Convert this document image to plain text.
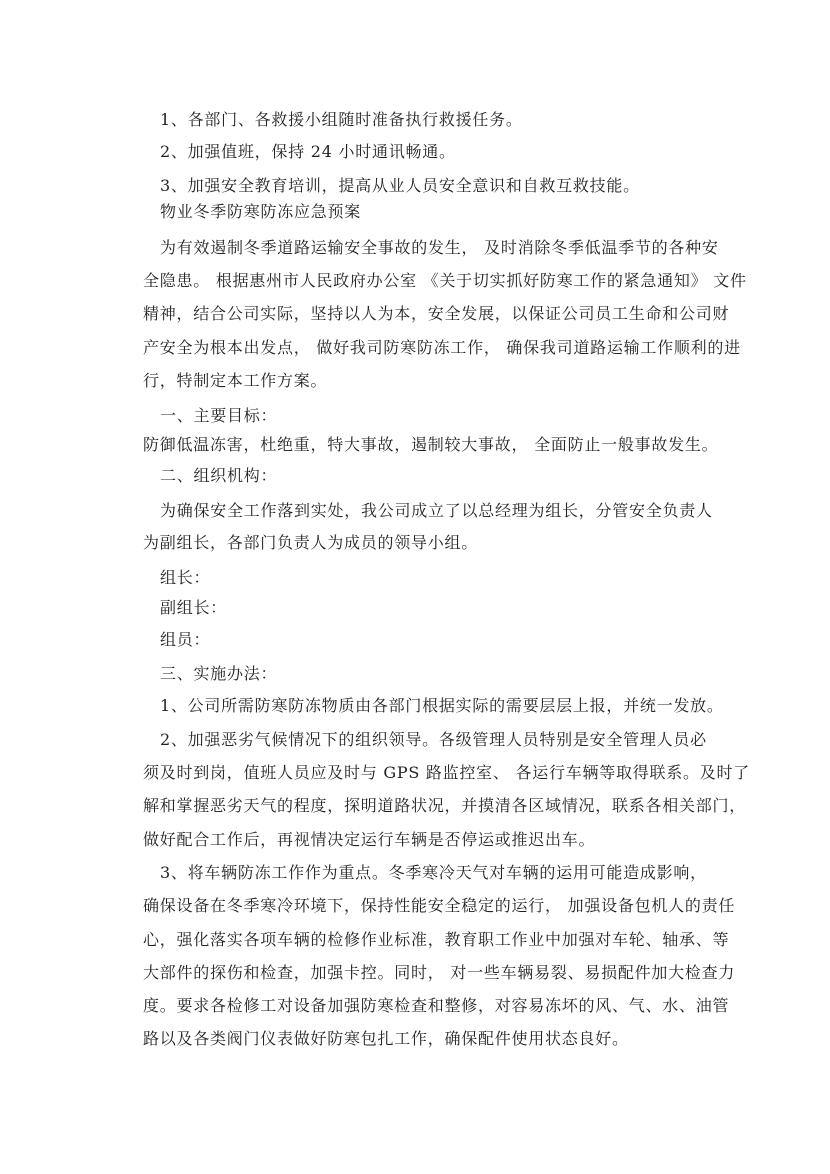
1、各部门、各救援小组随时准备执行救援任务。
2、加强值班，保持 24 小时通讯畅通。
3、加强安全教育培训，提高从业人员安全意识和自救互救技能。
物业冬季防寒防冻应急预案
为有效遏制冬季道路运输安全事故的发生， 及时消除冬季低温季节的各种安
全隐患。 根据惠州市人民政府办公室 《关于切实抓好防寒工作的紧急通知》 文件
精神，结合公司实际，坚持以人为本，安全发展，以保证公司员工生命和公司财
产安全为根本出发点， 做好我司防寒防冻工作， 确保我司道路运输工作顺利的进
行，特制定本工作方案。
一、主要目标：
防御低温冻害，杜绝重，特大事故，遏制较大事故， 全面防止一般事故发生。
二、组织机构：
为确保安全工作落到实处，我公司成立了以总经理为组长，分管安全负责人
为副组长，各部门负责人为成员的领导小组。
组长：
副组长：
组员：
三、实施办法：
1、公司所需防寒防冻物质由各部门根据实际的需要层层上报，并统一发放。
2、加强恶劣气候情况下的组织领导。各级管理人员特别是安全管理人员必
须及时到岗，值班人员应及时与 GPS 路监控室、 各运行车辆等取得联系。及时了
解和掌握恶劣天气的程度，探明道路状况，并摸清各区域情况，联系各相关部门，
做好配合工作后，再视情决定运行车辆是否停运或推迟出车。
3、将车辆防冻工作作为重点。冬季寒冷天气对车辆的运用可能造成影响，
确保设备在冬季寒冷环境下，保持性能安全稳定的运行， 加强设备包机人的责任
心，强化落实各项车辆的检修作业标准，教育职工作业中加强对车轮、轴承、等
大部件的探伤和检查，加强卡控。同时， 对一些车辆易裂、易损配件加大检查力
度。要求各检修工对设备加强防寒检查和整修，对容易冻坏的风、气、水、油管
路以及各类阀门仪表做好防寒包扎工作，确保配件使用状态良好。
